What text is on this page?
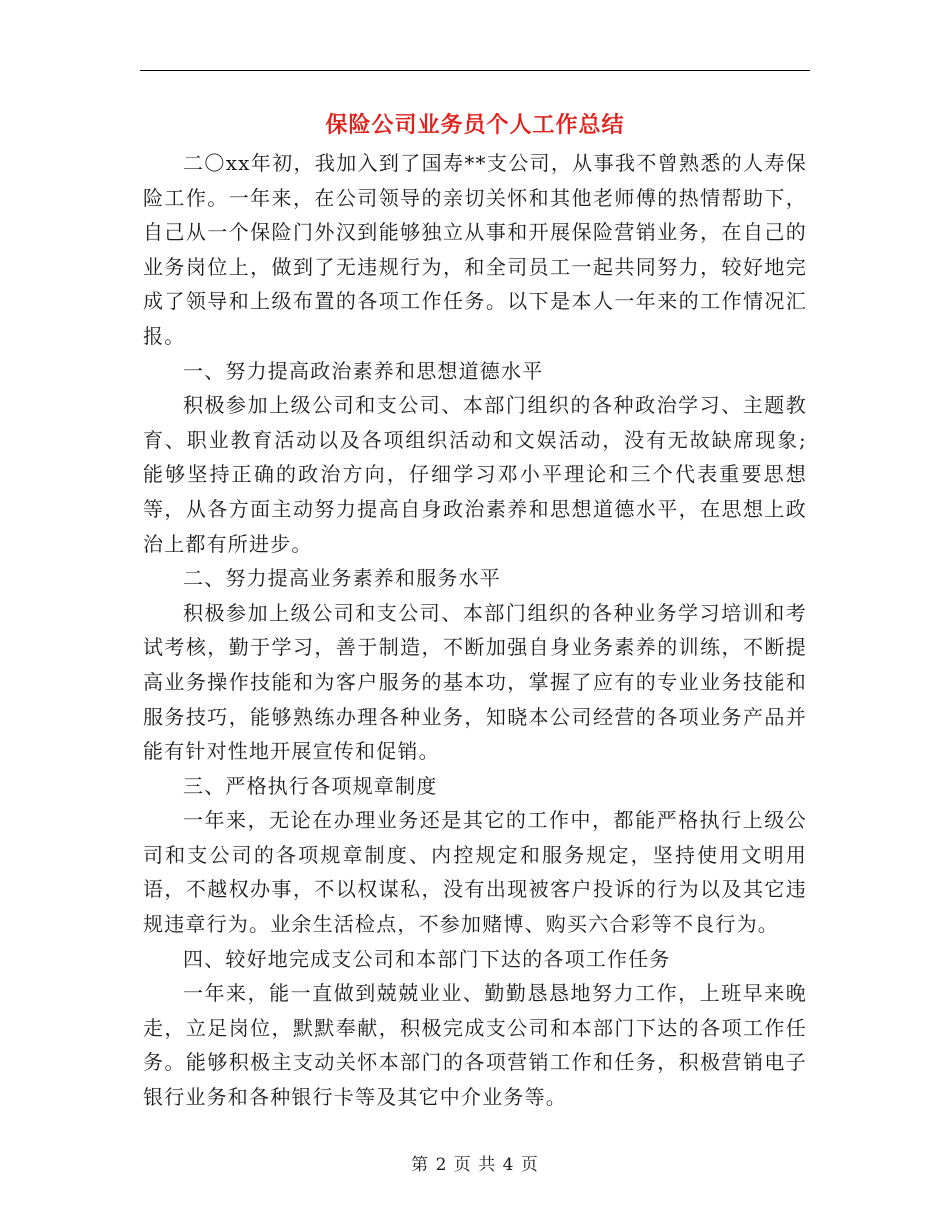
保险公司业务员个人工作总结

二〇xx年初，我加入到了国寿**支公司，从事我不曾熟悉的人寿保险工作。一年来，在公司领导的亲切关怀和其他老师傅的热情帮助下，自己从一个保险门外汉到能够独立从事和开展保险营销业务，在自己的业务岗位上，做到了无违规行为，和全司员工一起共同努力，较好地完成了领导和上级布置的各项工作任务。以下是本人一年来的工作情况汇报。

一、努力提高政治素养和思想道德水平

积极参加上级公司和支公司、本部门组织的各种政治学习、主题教育、职业教育活动以及各项组织活动和文娱活动，没有无故缺席现象;能够坚持正确的政治方向，仔细学习邓小平理论和三个代表重要思想等，从各方面主动努力提高自身政治素养和思想道德水平，在思想上政治上都有所进步。

二、努力提高业务素养和服务水平

积极参加上级公司和支公司、本部门组织的各种业务学习培训和考试考核，勤于学习，善于制造，不断加强自身业务素养的训练，不断提高业务操作技能和为客户服务的基本功，掌握了应有的专业业务技能和服务技巧，能够熟练办理各种业务，知晓本公司经营的各项业务产品并能有针对性地开展宣传和促销。

三、严格执行各项规章制度

一年来，无论在办理业务还是其它的工作中，都能严格执行上级公司和支公司的各项规章制度、内控规定和服务规定，坚持使用文明用语，不越权办事，不以权谋私，没有出现被客户投诉的行为以及其它违规违章行为。业余生活检点，不参加赌博、购买六合彩等不良行为。

四、较好地完成支公司和本部门下达的各项工作任务

一年来，能一直做到兢兢业业、勤勤恳恳地努力工作，上班早来晚走，立足岗位，默默奉献，积极完成支公司和本部门下达的各项工作任务。能够积极主支动关怀本部门的各项营销工作和任务，积极营销电子银行业务和各种银行卡等及其它中介业务等。

第 2 页 共 4 页
